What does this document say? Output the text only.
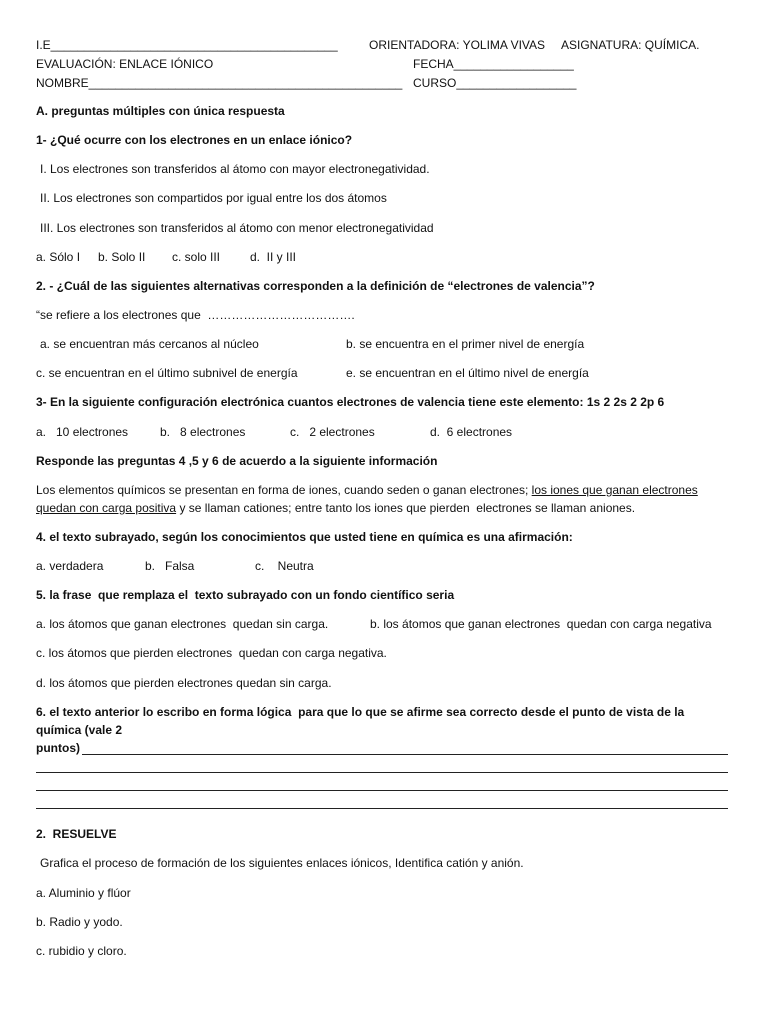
I.E___________________________________________	ORIENTADORA: YOLIMA VIVAS ASIGNATURA: QUÍMICA.
EVALUACIÓN: ENLACE IÓNICO	FECHA__________________
NOMBRE_______________________________________________ CURSO__________________
A. preguntas múltiples con única respuesta
1- ¿Qué ocurre con los electrones en un enlace iónico?
I. Los electrones son transferidos al átomo con mayor electronegatividad.
II. Los electrones son compartidos por igual entre los dos átomos
III. Los electrones son transferidos al átomo con menor electronegatividad
a. Sólo I b. Solo II c. solo III d.  II y III
2. - ¿Cuál de las siguientes alternativas corresponden a la definición de “electrones de valencia”?
“se refiere a los electrones que  ……………………………….
a. se encuentran más cercanos al núcleo	b. se encuentra en el primer nivel de energía
c. se encuentran en el último subnivel de energía	e. se encuentran en el último nivel de energía
3- En la siguiente configuración electrónica cuantos electrones de valencia tiene este elemento: 1s 2 2s 2 2p 6
a.   10 electrones	b.   8 electrones	c.   2 electrones	d.  6 electrones
Responde las preguntas 4 ,5 y 6 de acuerdo a la siguiente información
Los elementos químicos se presentan en forma de iones, cuando seden o ganan electrones; los iones que ganan electrones
quedan con carga positiva y se llaman cationes; entre tanto los iones que pierden  electrones se llaman aniones.
4. el texto subrayado, según los conocimientos que usted tiene en química es una afirmación:
a. verdadera	b.   Falsa	c.    Neutra
5. la frase  que remplaza el  texto subrayado con un fondo científico seria
a. los átomos que ganan electrones  quedan sin carga.	b. los átomos que ganan electrones  quedan con carga negativa
c. los átomos que pierden electrones  quedan con carga negativa.
d. los átomos que pierden electrones quedan sin carga.
6. el texto anterior lo escribo en forma lógica  para que lo que se afirme sea correcto desde el punto de vista de la
química (vale 2
puntos)
2.  RESUELVE
Grafica el proceso de formación de los siguientes enlaces iónicos, Identifica catión y anión.
a. Aluminio y flúor
b. Radio y yodo.
c. rubidio y cloro.
